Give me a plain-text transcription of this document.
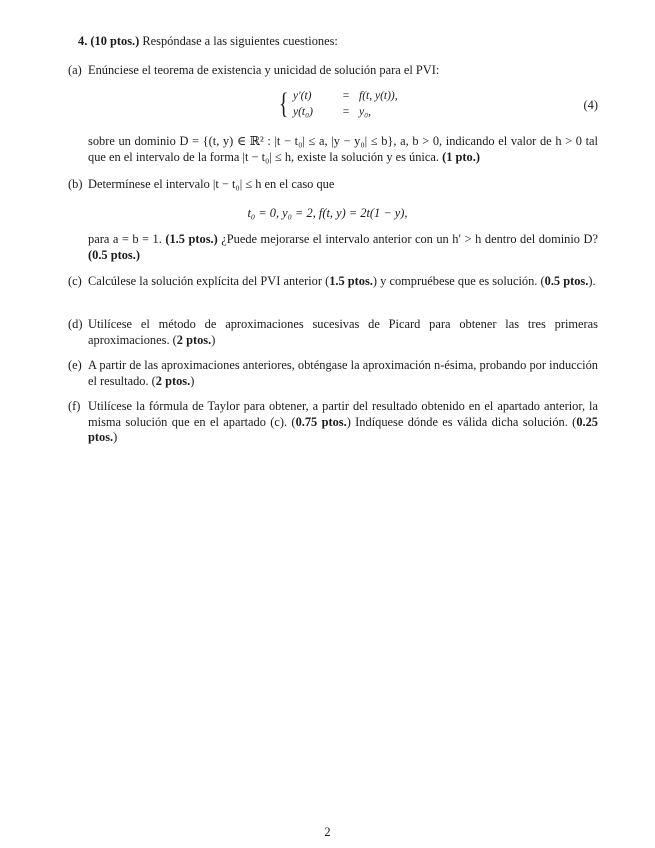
4. (10 ptos.) Respóndase a las siguientes cuestiones:
(a) Enúnciese el teorema de existencia y unicidad de solución para el PVI:
{ y′(t)	= f(t, y(t)),
y(t₀)	= y₀,	(4)
sobre un dominio D = {(t, y) ∈ ℝ² : |t − t₀| ≤ a, |y − y₀| ≤ b}, a, b > 0, indicando el valor de h > 0 tal que en el intervalo de la forma |t − t₀| ≤ h, existe la solución y es única. (1 pto.)
(b) Determínese el intervalo |t − t₀| ≤ h en el caso que
t₀ = 0, y₀ = 2, f(t, y) = 2t(1 − y),
para a = b = 1. (1.5 ptos.) ¿Puede mejorarse el intervalo anterior con un h′ > h dentro del dominio D? (0.5 ptos.)
(c) Calcúlese la solución explícita del PVI anterior (1.5 ptos.) y compruébese que es solución. (0.5 ptos.).
(d) Utilícese el método de aproximaciones sucesivas de Picard para obtener las tres primeras aproximaciones. (2 ptos.)
(e) A partir de las aproximaciones anteriores, obténgase la aproximación n-ésima, probando por inducción el resultado. (2 ptos.)
(f) Utilícese la fórmula de Taylor para obtener, a partir del resultado obtenido en el apartado anterior, la misma solución que en el apartado (c). (0.75 ptos.) Indíquese dónde es válida dicha solución. (0.25 ptos.)
2
